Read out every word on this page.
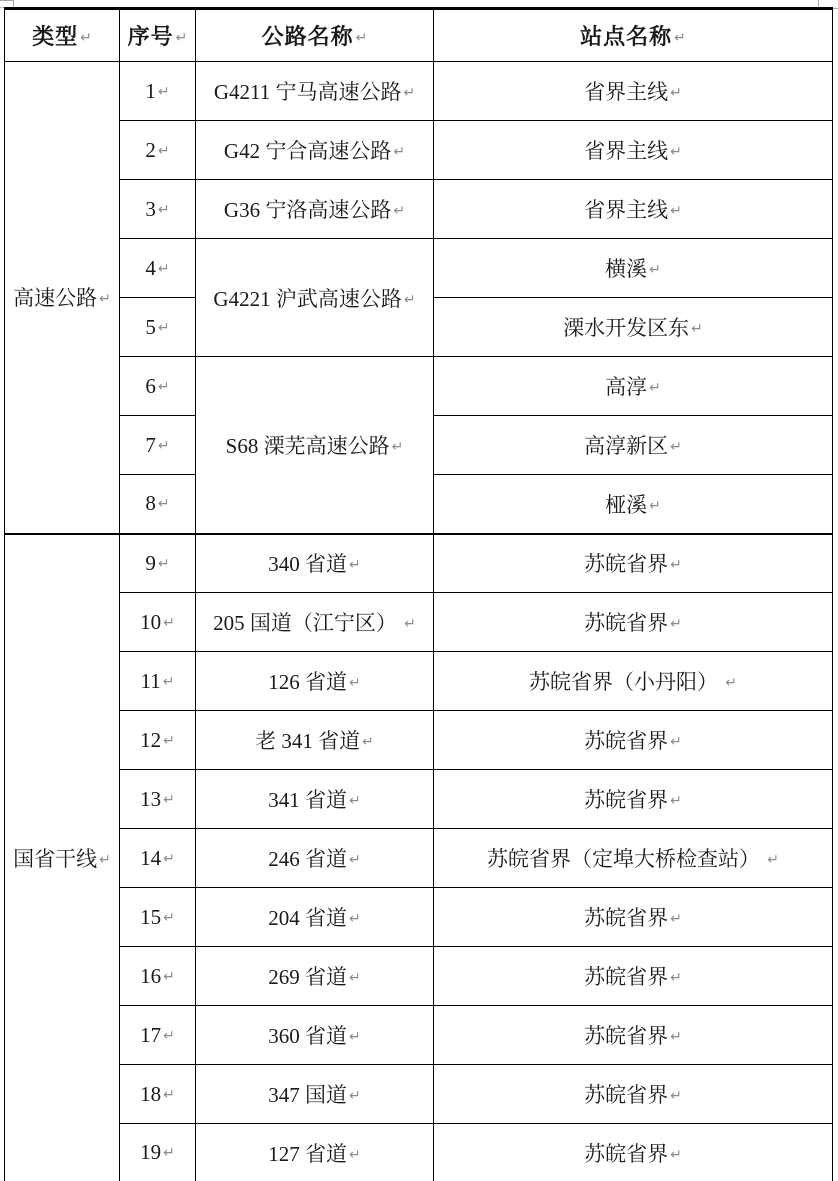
类型 ↵	序号 ↵	公路名称 ↵	站点名称 ↵
高速公路 ↵	1 ↵	G4211 宁马高速公路 ↵	省界主线 ↵
	2 ↵	G42 宁合高速公路 ↵	省界主线 ↵
	3 ↵	G36 宁洛高速公路 ↵	省界主线 ↵
	4 ↵	G4221 沪武高速公路 ↵	横溪 ↵
	5 ↵		溧水开发区东 ↵
	6 ↵	S68 溧芜高速公路 ↵	高淳 ↵
	7 ↵		高淳新区 ↵
	8 ↵		桠溪 ↵
国省干线 ↵	9 ↵	340 省道 ↵	苏皖省界 ↵
	10 ↵	205 国道（江宁区） ↵	苏皖省界 ↵
	11 ↵	126 省道 ↵	苏皖省界（小丹阳） ↵
	12 ↵	老 341 省道 ↵	苏皖省界 ↵
	13 ↵	341 省道 ↵	苏皖省界 ↵
	14 ↵	246 省道 ↵	苏皖省界（定埠大桥检查站） ↵
	15 ↵	204 省道 ↵	苏皖省界 ↵
	16 ↵	269 省道 ↵	苏皖省界 ↵
	17 ↵	360 省道 ↵	苏皖省界 ↵
	18 ↵	347 国道 ↵	苏皖省界 ↵
	19 ↵	127 省道 ↵	苏皖省界 ↵
